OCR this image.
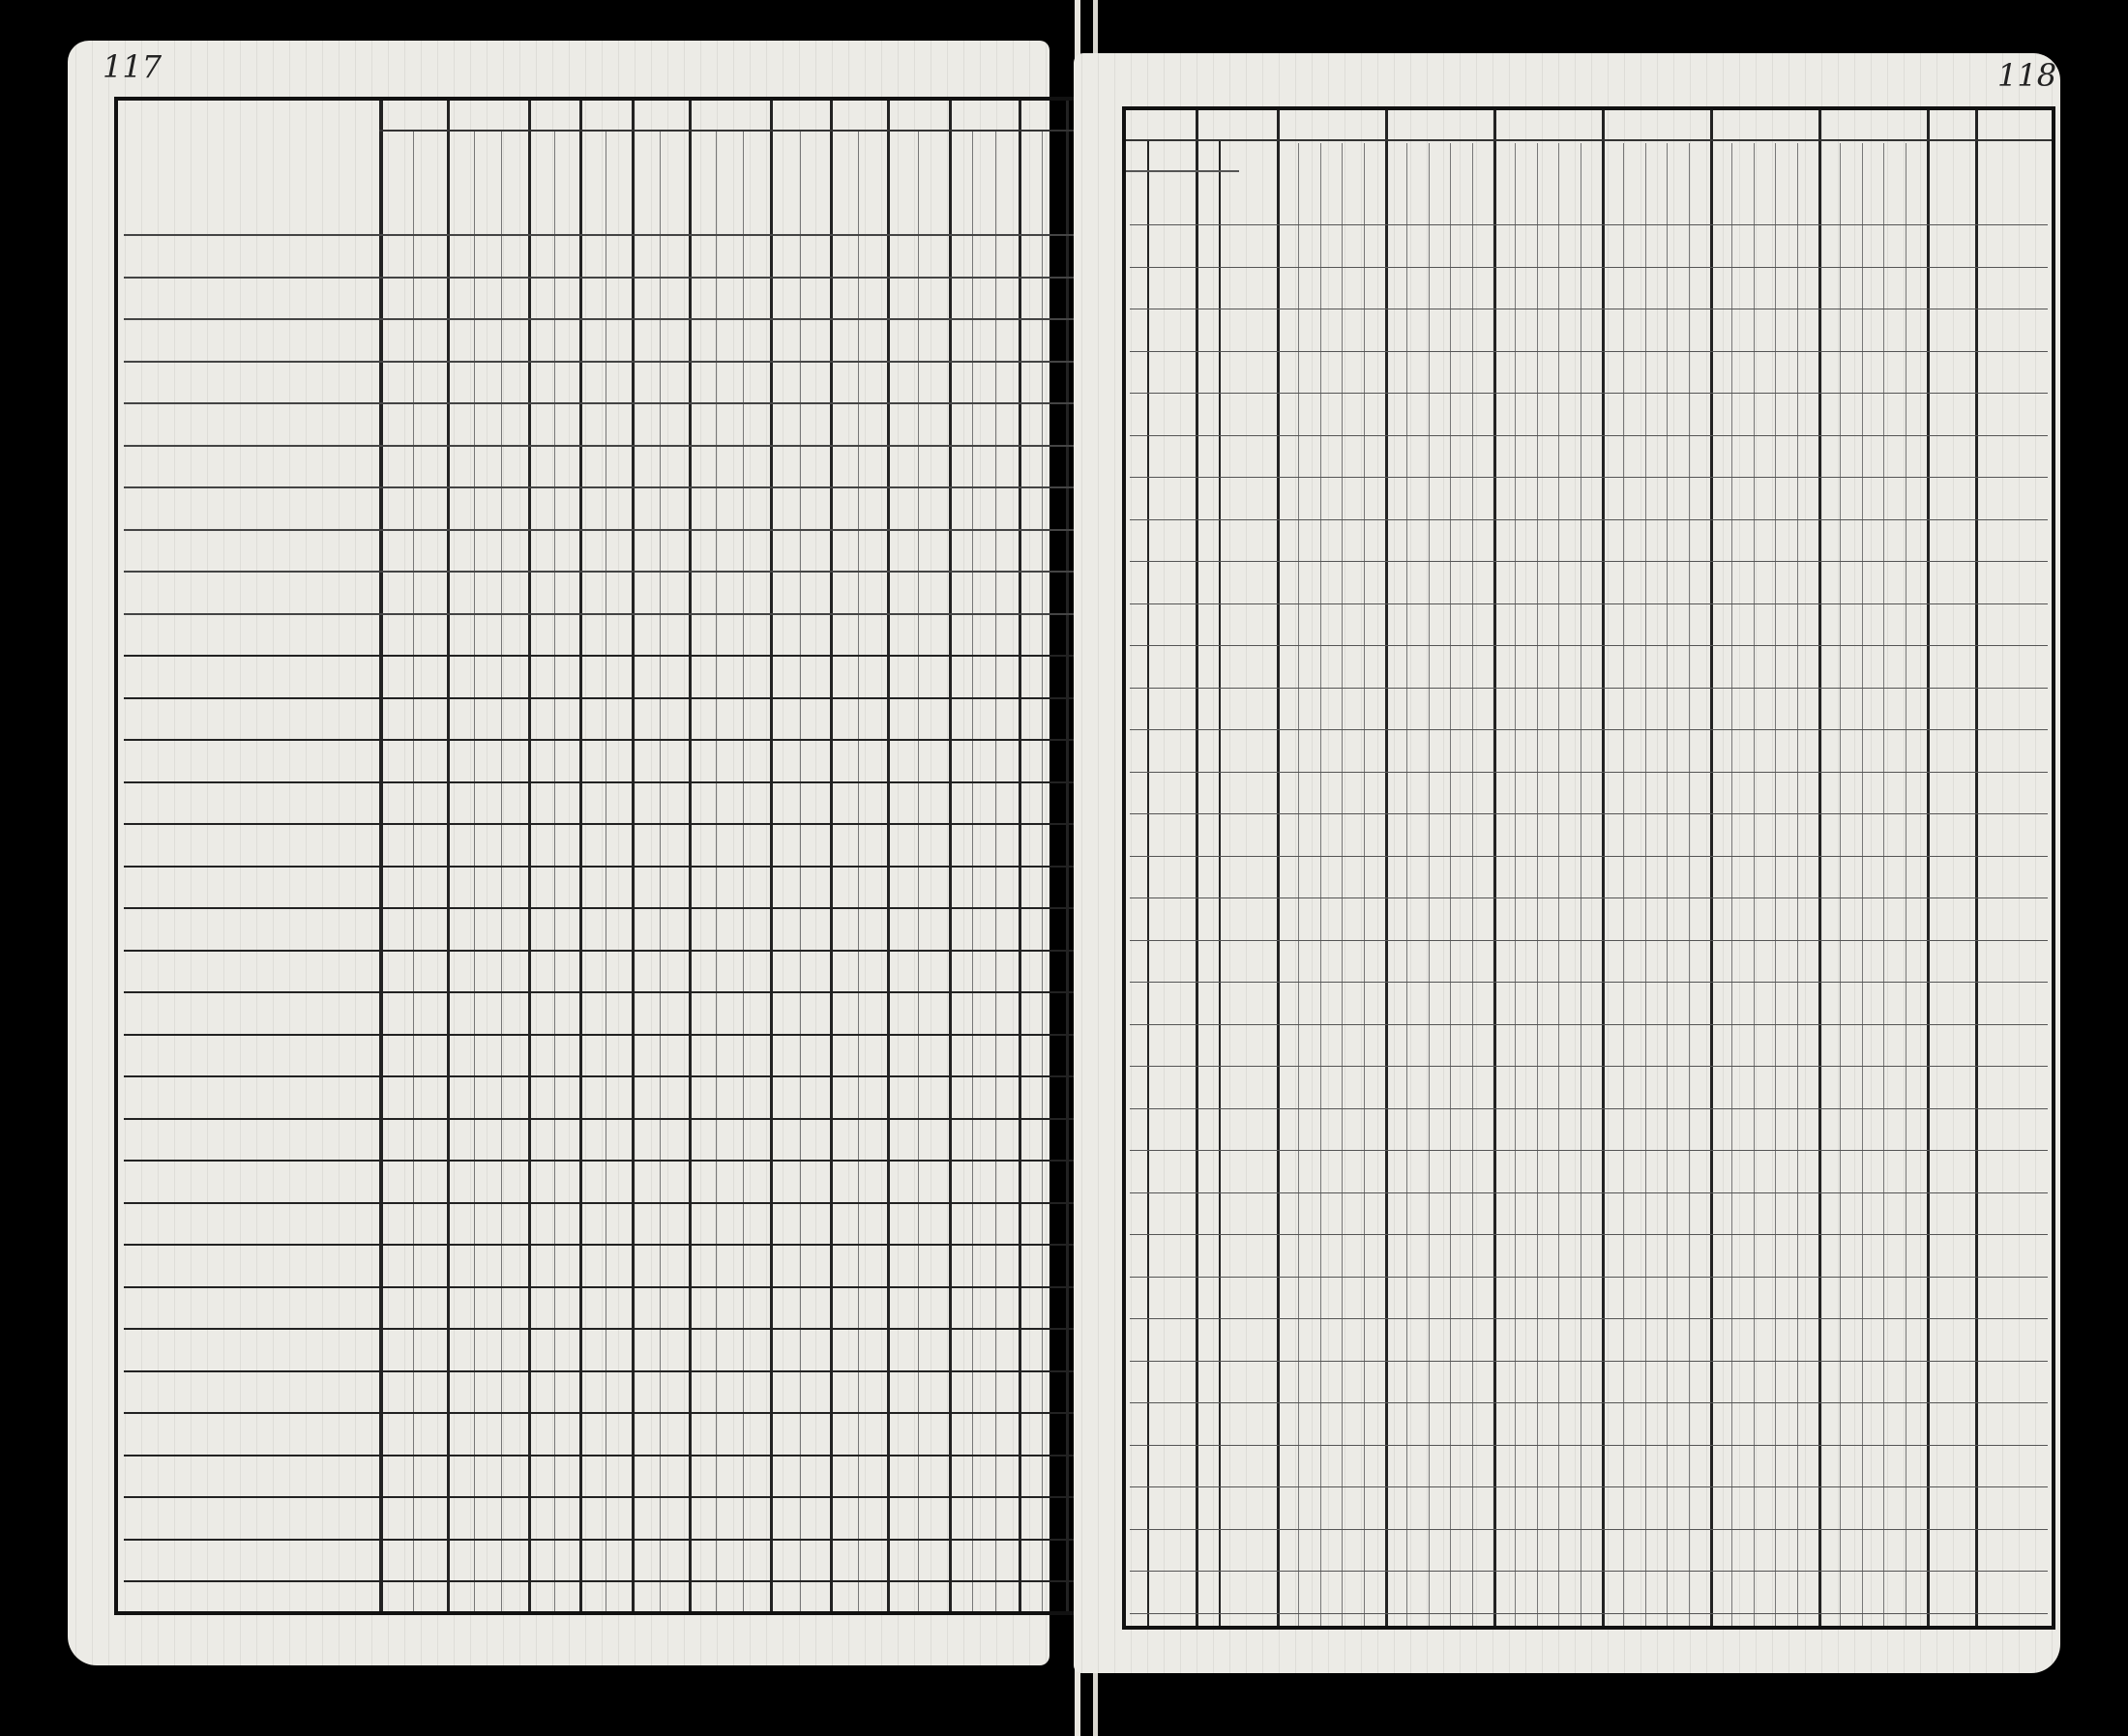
117	118
